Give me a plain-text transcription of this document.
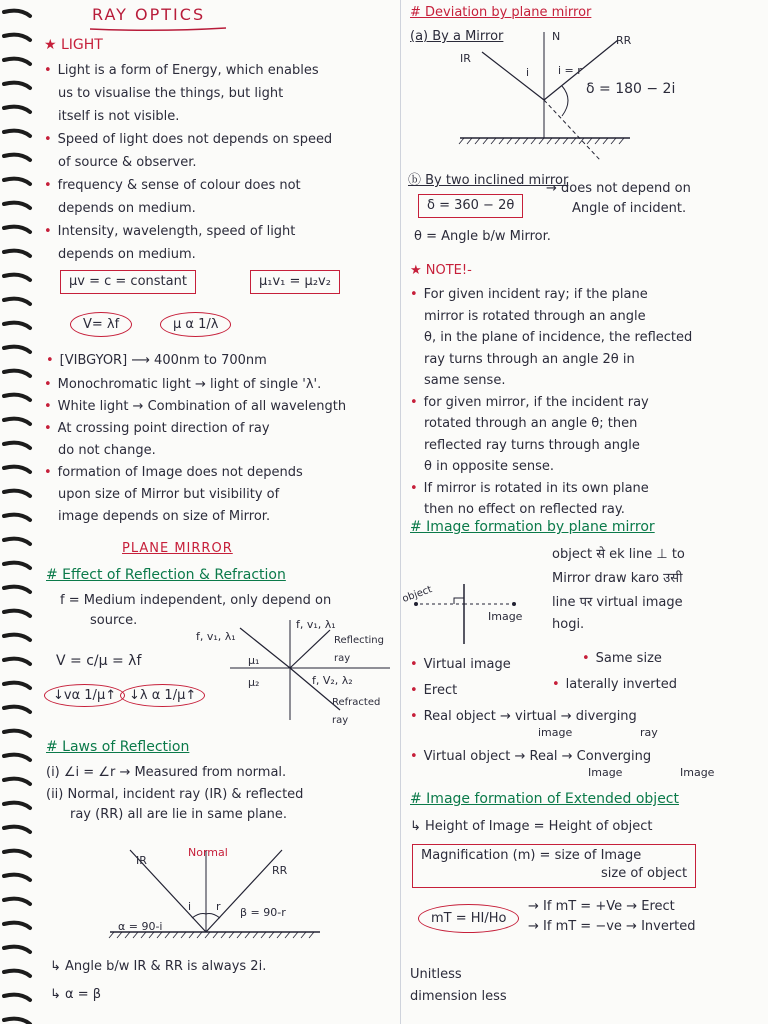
RAY OPTICS
★ LIGHT
• Light is a form of Energy, which enables
us to visualise the things, but light
itself is not visible.
• Speed of light does not depends on speed
of source & observer.
• frequency & sense of colour does not
depends on medium.
• Intensity, wavelength, speed of light
depends on medium.
μv = c = constant	μ₁v₁ = μ₂v₂
V= λf	μ α 1/λ
• [VIBGYOR] ⟶ 400nm to 700nm
• Monochromatic light → light of single 'λ'.
• White light → Combination of all wavelength
• At crossing point direction of ray
do not change.
• formation of Image does not depends
upon size of Mirror but visibility of
image depends on size of Mirror.
PLANE MIRROR
# Effect of Reflection & Refraction
f = Medium independent, only depend on
source.
V = c/μ = λf
↓vα 1/μ↑ ↓λ α 1/μ↑
f, v₁, λ₁
f, v₁, λ₁
f, V₂, λ₂
μ₁
μ₂
Reflecting ray
Refracted ray
# Laws of Reflection
(i) ∠i = ∠r → Measured from normal.
(ii) Normal, incident ray (IR) & reflected
ray (RR) all are lie in same plane.
Normal
IR
RR
i r
α = 90-i
β = 90-r
↳ Angle b/w IR & RR is always 2i.
↳ α = β
# Deviation by plane mirror
(a) By a Mirror	N
IR
RR
i	i = r
δ = 180 − 2i
ⓑ By two inclined mirror
δ = 360 − 2θ
→ does not depend on
Angle of incident.
θ = Angle b/w Mirror.
★ NOTE!-
• For given incident ray; if the plane
mirror is rotated through an angle
θ, in the plane of incidence, the reflected
ray turns through an angle 2θ in
same sense.
• for given mirror, if the incident ray
rotated through an angle θ; then
reflected ray turns through angle
θ in opposite sense.
• If mirror is rotated in its own plane
then no effect on reflected ray.
# Image formation by plane mirror
object से ek line ⊥ to
Mirror draw karo उसी
line पर virtual image
hogi.
object
Image
• Virtual image	• Same size
• Erect	• laterally inverted
• Real object → virtual → diverging
image	ray
• Virtual object → Real → Converging
Image	Image
# Image formation of Extended object
↳ Height of Image = Height of object
Magnification (m) = size of Image
size of object
mT = HI/Ho
→ If mT = +Ve → Erect
→ If mT = −ve → Inverted
Unitless
dimension less
